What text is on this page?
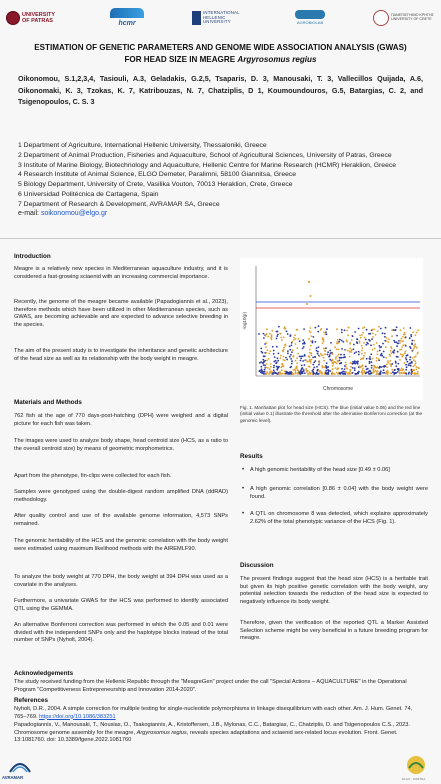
UNIVERSITY OF PATRAS	hcmr
INTERNATIONAL HELLENIC UNIVERSITY	AGROBIOLAB
ΠΑΝΕΠΙΣΤΗΜΙΟ ΚΡΗΤΗΣ UNIVERSITY OF CRETE
ESTIMATION OF GENETIC PARAMETERS AND GENOME WIDE ASSOCIATION ANALYSIS (GWAS)
FOR HEAD SIZE IN MEAGRE Argyrosomus regius
Oikonomou, S.1,2,3,4, Tasiouli, A.3, Geladakis, G.2,5, Tsaparis, D. 3, Manousaki, T. 3, Vallecillos Quijada, A.6, Oikonomaki, K. 3, Tzokas, K. 7, Katribouzas, N. 7, Chatziplis, D 1, Koumoundouros, G.5, Batargias, C. 2, and Tsigenopoulos, C. S. 3

1 Department of Agriculture, International Hellenic University, Thessaloniki, Greece

2 Department of Animal Production, Fisheries and Aquaculture, School of Agricultural Sciences, University of Patras, Greece

3 Institute of Marine Biology, Biotechnology and Aquaculture, Hellenic Centre for Marine Research (HCMR) Heraklion, Greece

4 Research Institute of Animal Science, ELGO Demeter, Paralimni, 58100 Giannitsa, Greece

5 Biology Department, University of Crete, Vasilika Vouton, 70013 Heraklion, Crete, Greece

6 Universidad Politécnica de Cartagena, Spain

7 Department of Research & Development, AVRAMAR SA, Greece

e-mail: soikonomou@elgo.gr
Introduction
Meagre is a relatively new species in Mediterranean aquaculture industry, and it is considered a fast-growing sciaenid with an increasing commercial importance.
Recently, the genome of the meagre became available (Papadogiannis et al., 2023), therefore methods which have been utilized in other Mediterranean species, such as GWAS, are becoming achievable and are expected to advance selective breeding in the species.
The aim of the present study is to investigate the inheritance and genetic architecture of the head size as well as its relationship with the body weight in meagre.
Materials and Methods
762 fish at the age of 770 days-post-hatching (DPH) were weighed and a digital picture for each fish was taken.
The images were used to analyze body shape, head centroid size (HCS, as a ratio to the overall centroid size) by means of geometric morphometrics.
Apart from the phenotype, fin-clips were collected for each fish.
Samples were genotyped using the double-digest random amplified DNA (ddRAD) methodology.
After quality control and use of the available genome information, 4,573 SNPs remained.
The genomic heritability of the HCS and the genomic correlation with the body weight were estimated using maximum likelihood methods with the AIREMLF90.
To analyze the body weight at 770 DPH, the body weight at 394 DPH was used as a covariate in the analyses.
Furthermore, a univariate GWAS for the HCS was performed to identify associated QTL using the GEMMA.
An alternative Bonferroni correction was performed in which the 0.05 and 0.01 were divided with the independent SNPs only and the haplotype blocks instead of the total number of SNPs (Nyholt, 2004).
-log10(p)
Chromosome
Fig. 1. Manhattan plot for head size (HCS). The blue (initial value 0.05) and the red line (initial value 0.1) illustrate the threshold after the alternative Bonferroni correction (at the genomic level).
Results
• A high genomic heritability of the head size [0.49 ± 0.06]
• A high genomic correlation [0.86 ± 0.04] with the body weight were found.
• A QTL on chromosome 8 was detected, which explains approximately 2.62% of the total phenotypic variance of the HCS (Fig. 1).
Discussion
The present findings suggest that the head size (HCS) is a heritable trait but given its high positive genetic correlation with the body weight, any potential selection towards the reduction of the head size is expected to negatively influence its body weight.
Therefore, given the verification of the reported QTL a Marker Assisted Selection scheme might be very beneficial in a future breeding program for meagre.
Acknowledgements
The study received funding from the Hellenic Republic through the "MeagreGen" project under the call "Special Actions – AQUACULTURE" in the Operational Program "Competitiveness Entrepreneurship and Innovation 2014-2020".
References
Nyholt, D.R., 2004. A simple correction for multiple testing for single-nucleotide polymorphisms in linkage disequilibrium with each other. Am. J. Hum. Genet. 74, 765–769. https://doi.org/10.1086/383251
Papadogiannis, V., Manousaki, T., Nousias, O., Tsakogiannis, A., Kristoffersen, J.B., Mylonas, C.C., Batargias, C., Chatziplis, D. and Tsigenopoulos C.S., 2023. Chromosome genome assembly for the meagre, Argyrosomus regius, reveals species adaptations and sciaenid sex-related locus evolution. Front. Genet. 13:1081760. doi: 10.3389/fgene.2022.1081760
AVRAMAR	ELGO · DIMITRA
